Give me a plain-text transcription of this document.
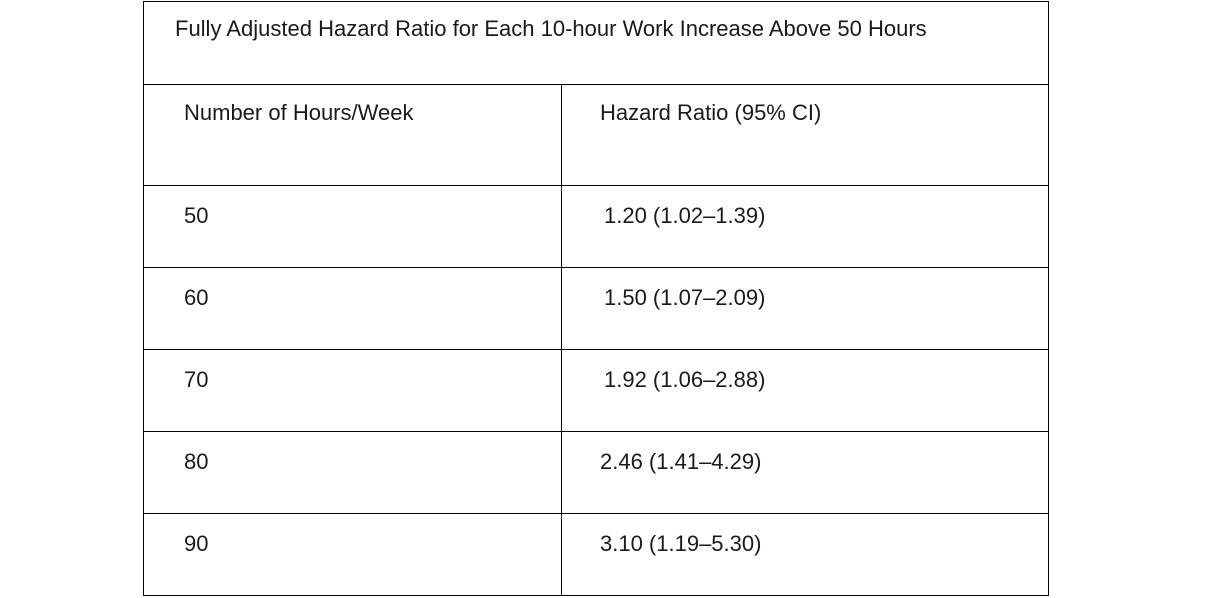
Fully Adjusted Hazard Ratio for Each 10-hour Work Increase Above 50 Hours
Number of Hours/Week	Hazard Ratio (95% CI)
50	1.20 (1.02–1.39)
60	1.50 (1.07–2.09)
70	1.92 (1.06–2.88)
80	2.46 (1.41–4.29)
90	3.10 (1.19–5.30)
